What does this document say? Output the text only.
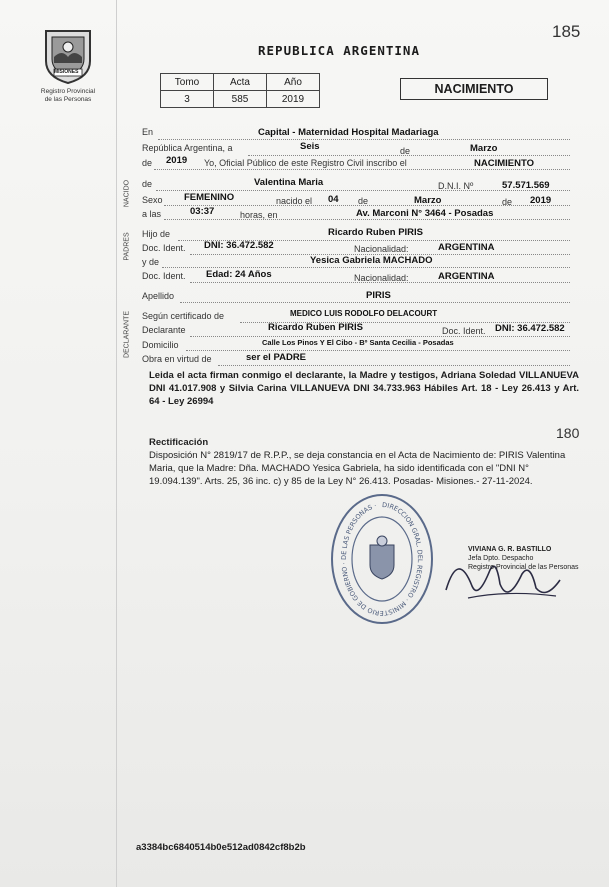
MISIONES
Registro Provincial
de las Personas
185
REPUBLICA ARGENTINA
Tomo	Acta	Año
3	585	2019
NACIMIENTO
NACIDO
PADRES
DECLARANTE
En	Capital - Maternidad Hospital Madariaga
República Argentina, a	Seis	de	Marzo
de 2019 Yo, Oficial Público de este Registro Civil inscribo el	NACIMIENTO
de	Valentina Maria	D.N.I. Nº	57.571.569
Sexo FEMENINO	nacido el 04 de	Marzo	de 2019
a las	03:37	horas, en	Av. Marconi N° 3464 - Posadas
Hijo de	Ricardo Ruben PIRIS
Doc. Ident. DNI: 36.472.582	Nacionalidad:	ARGENTINA
y de	Yesica Gabriela MACHADO
Doc. Ident. Edad: 24 Años	Nacionalidad:	ARGENTINA
Apellido	PIRIS
Según certificado de	MEDICO LUIS RODOLFO DELACOURT
Declarante	Ricardo Ruben PIRIS	Doc. Ident. DNI: 36.472.582
Domicilio	Calle Los Pinos Y El Cibo - Bº Santa Cecilia - Posadas
Obra en virtud de	ser el PADRE
Leida el acta firman conmigo el declarante, la Madre y testigos, Adriana Soledad VILLANUEVA DNI 41.017.908 y Silvia Carina VILLANUEVA DNI 34.733.963 Hábiles Art. 18 - Ley 26.413 y Art. 64 - Ley 26994
180
Rectificación
Disposición N° 2819/17 de R.P.P., se deja constancia en el Acta de Nacimiento de: PIRIS Valentina Maria, que la Madre: Dña. MACHADO Yesica Gabriela, ha sido identificada con el "DNI N° 19.094.139". Arts. 25, 36 inc. c) y 85 de la Ley N° 26.413. Posadas- Misiones.- 27-11-2024.
DIRECCION GRAL. DEL REGISTRO · MINISTERIO DE GOBIERNO · DE LAS PERSONAS ·
VIVIANA G. R. BASTILLO
Jefa Dpto. Despacho
Registro Provincial de las Personas
a3384bc6840514b0e512ad0842cf8b2b
